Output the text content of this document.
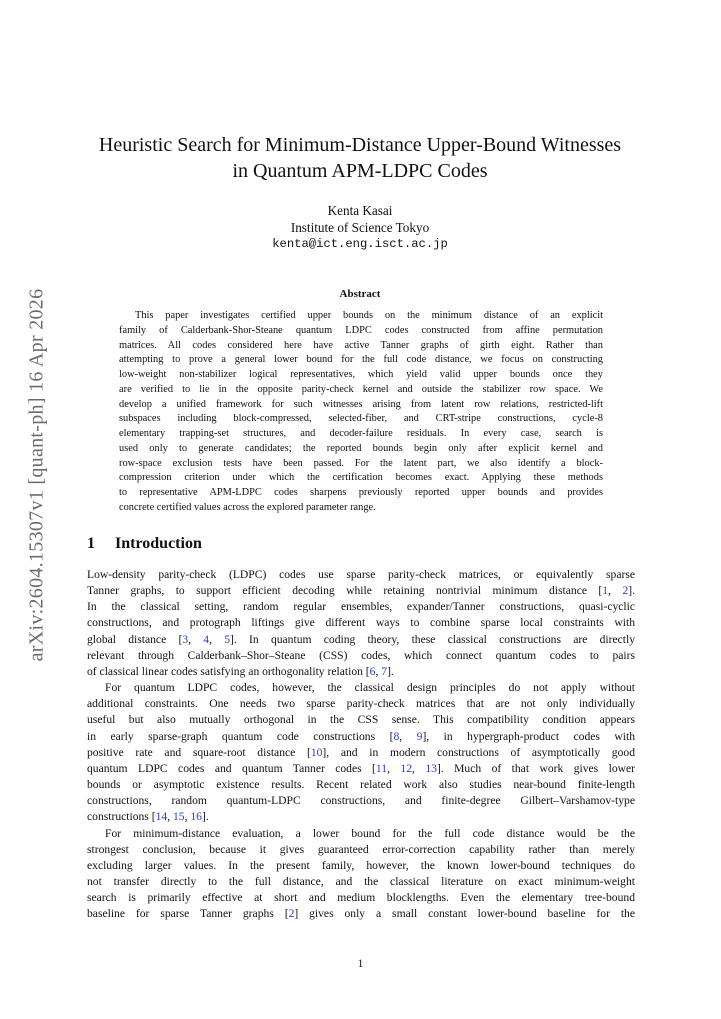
arXiv:2604.15307v1 [quant-ph] 16 Apr 2026
Heuristic Search for Minimum-Distance Upper-Bound Witnesses
in Quantum APM-LDPC Codes
Kenta Kasai
Institute of Science Tokyo
kenta@ict.eng.isct.ac.jp
Abstract
This paper investigates certified upper bounds on the minimum distance of an explicit
family of Calderbank-Shor-Steane quantum LDPC codes constructed from affine permutation
matrices. All codes considered here have active Tanner graphs of girth eight. Rather than
attempting to prove a general lower bound for the full code distance, we focus on constructing
low-weight non-stabilizer logical representatives, which yield valid upper bounds once they
are verified to lie in the opposite parity-check kernel and outside the stabilizer row space. We
develop a unified framework for such witnesses arising from latent row relations, restricted-lift
subspaces including block-compressed, selected-fiber, and CRT-stripe constructions, cycle-8
elementary trapping-set structures, and decoder-failure residuals. In every case, search is
used only to generate candidates; the reported bounds begin only after explicit kernel and
row-space exclusion tests have been passed. For the latent part, we also identify a block-
compression criterion under which the certification becomes exact. Applying these methods
to representative APM-LDPC codes sharpens previously reported upper bounds and provides
concrete certified values across the explored parameter range.
1 Introduction
Low-density parity-check (LDPC) codes use sparse parity-check matrices, or equivalently sparse
Tanner graphs, to support efficient decoding while retaining nontrivial minimum distance [1, 2].
In the classical setting, random regular ensembles, expander/Tanner constructions, quasi-cyclic
constructions, and protograph liftings give different ways to combine sparse local constraints with
global distance [3, 4, 5]. In quantum coding theory, these classical constructions are directly
relevant through Calderbank–Shor–Steane (CSS) codes, which connect quantum codes to pairs
of classical linear codes satisfying an orthogonality relation [6, 7].
For quantum LDPC codes, however, the classical design principles do not apply without
additional constraints. One needs two sparse parity-check matrices that are not only individually
useful but also mutually orthogonal in the CSS sense. This compatibility condition appears
in early sparse-graph quantum code constructions [8, 9], in hypergraph-product codes with
positive rate and square-root distance [10], and in modern constructions of asymptotically good
quantum LDPC codes and quantum Tanner codes [11, 12, 13]. Much of that work gives lower
bounds or asymptotic existence results. Recent related work also studies near-bound finite-length
constructions, random quantum-LDPC constructions, and finite-degree Gilbert–Varshamov-type
constructions [14, 15, 16].
For minimum-distance evaluation, a lower bound for the full code distance would be the
strongest conclusion, because it gives guaranteed error-correction capability rather than merely
excluding larger values. In the present family, however, the known lower-bound techniques do
not transfer directly to the full distance, and the classical literature on exact minimum-weight
search is primarily effective at short and medium blocklengths. Even the elementary tree-bound
baseline for sparse Tanner graphs [2] gives only a small constant lower-bound baseline for the
1
